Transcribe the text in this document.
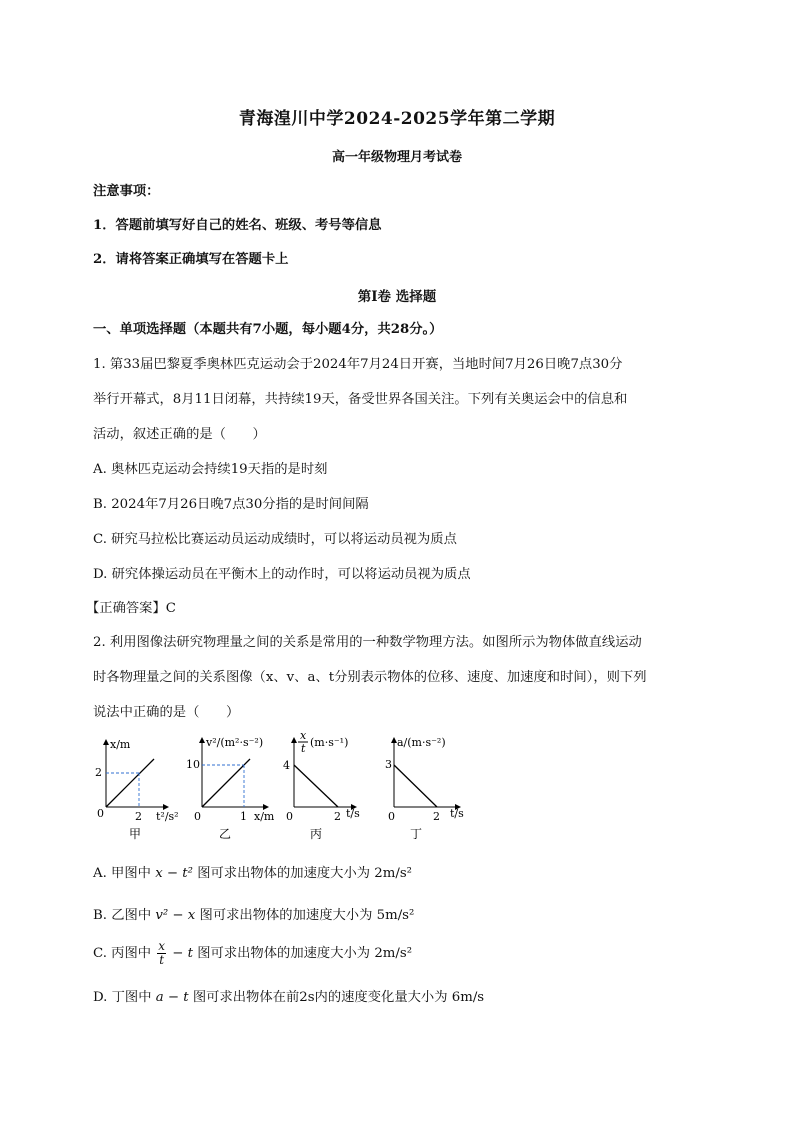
青海湟川中学2024-2025学年第二学期
高一年级物理月考试卷
注意事项：
1．答题前填写好自己的姓名、班级、考号等信息
2．请将答案正确填写在答题卡上
第I卷 选择题
一、单项选择题（本题共有7小题，每小题4分，共28分。）
1. 第33届巴黎夏季奥林匹克运动会于2024年7月24日开赛，当地时间7月26日晚7点30分
举行开幕式，8月11日闭幕，共持续19天，备受世界各国关注。下列有关奥运会中的信息和
活动，叙述正确的是（　　）
A. 奥林匹克运动会持续19天指的是时刻
B. 2024年7月26日晚7点30分指的是时间间隔
C. 研究马拉松比赛运动员运动成绩时，可以将运动员视为质点
D. 研究体操运动员在平衡木上的动作时，可以将运动员视为质点
【正确答案】C
2. 利用图像法研究物理量之间的关系是常用的一种数学物理方法。如图所示为物体做直线运动
时各物理量之间的关系图像（x、v、a、t分别表示物体的位移、速度、加速度和时间），则下列
说法中正确的是（　　）
x/m
2
0	2 t²/s²
甲
v²/(m²·s⁻²)
10
0	1 x/m
乙
x
t (m·s⁻¹)
4
0	2 t/s
丙
a/(m·s⁻²)
3
0	2 t/s
丁
A. 甲图中 x − t² 图可求出物体的加速度大小为 2m/s²
B. 乙图中 v² − x 图可求出物体的加速度大小为 5m/s²
C. 丙图中 $\frac{x}{t} - t$ 图可求出物体的加速度大小为 2m/s²
D. 丁图中 a − t 图可求出物体在前2s内的速度变化量大小为 6m/s
